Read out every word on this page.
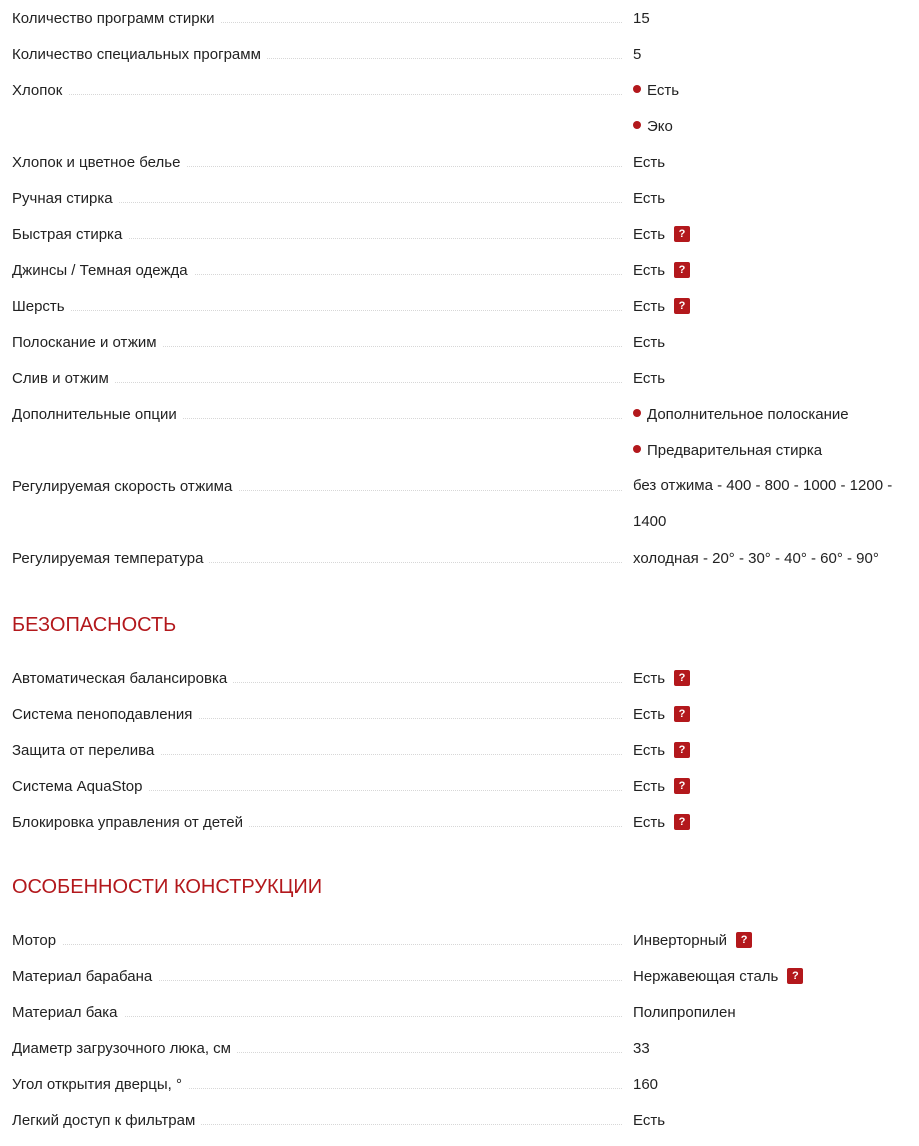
Количество программ стирки	15
Количество специальных программ	5
Хлопок	Есть
Эко
Хлопок и цветное белье	Есть
Ручная стирка	Есть
Быстрая стирка	Есть	?
Джинсы / Темная одежда	Есть	?
Шерсть	Есть	?
Полоскание и отжим	Есть
Слив и отжим	Есть
Дополнительные опции	Дополнительное полоскание
Предварительная стирка
Регулируемая скорость отжима	без отжима - 400 - 800 - 1000 - 1200 - 1400
Регулируемая температура	холодная - 20° - 30° - 40° - 60° - 90°
БЕЗОПАСНОСТЬ
Автоматическая балансировка	Есть	?
Система пеноподавления	Есть	?
Защита от перелива	Есть	?
Система AquaStop	Есть	?
Блокировка управления от детей	Есть	?
ОСОБЕННОСТИ КОНСТРУКЦИИ
Мотор	Инверторный	?
Материал барабана	Нержавеющая сталь	?
Материал бака	Полипропилен
Диаметр загрузочного люка, см	33
Угол открытия дверцы, °	160
Легкий доступ к фильтрам	Есть
